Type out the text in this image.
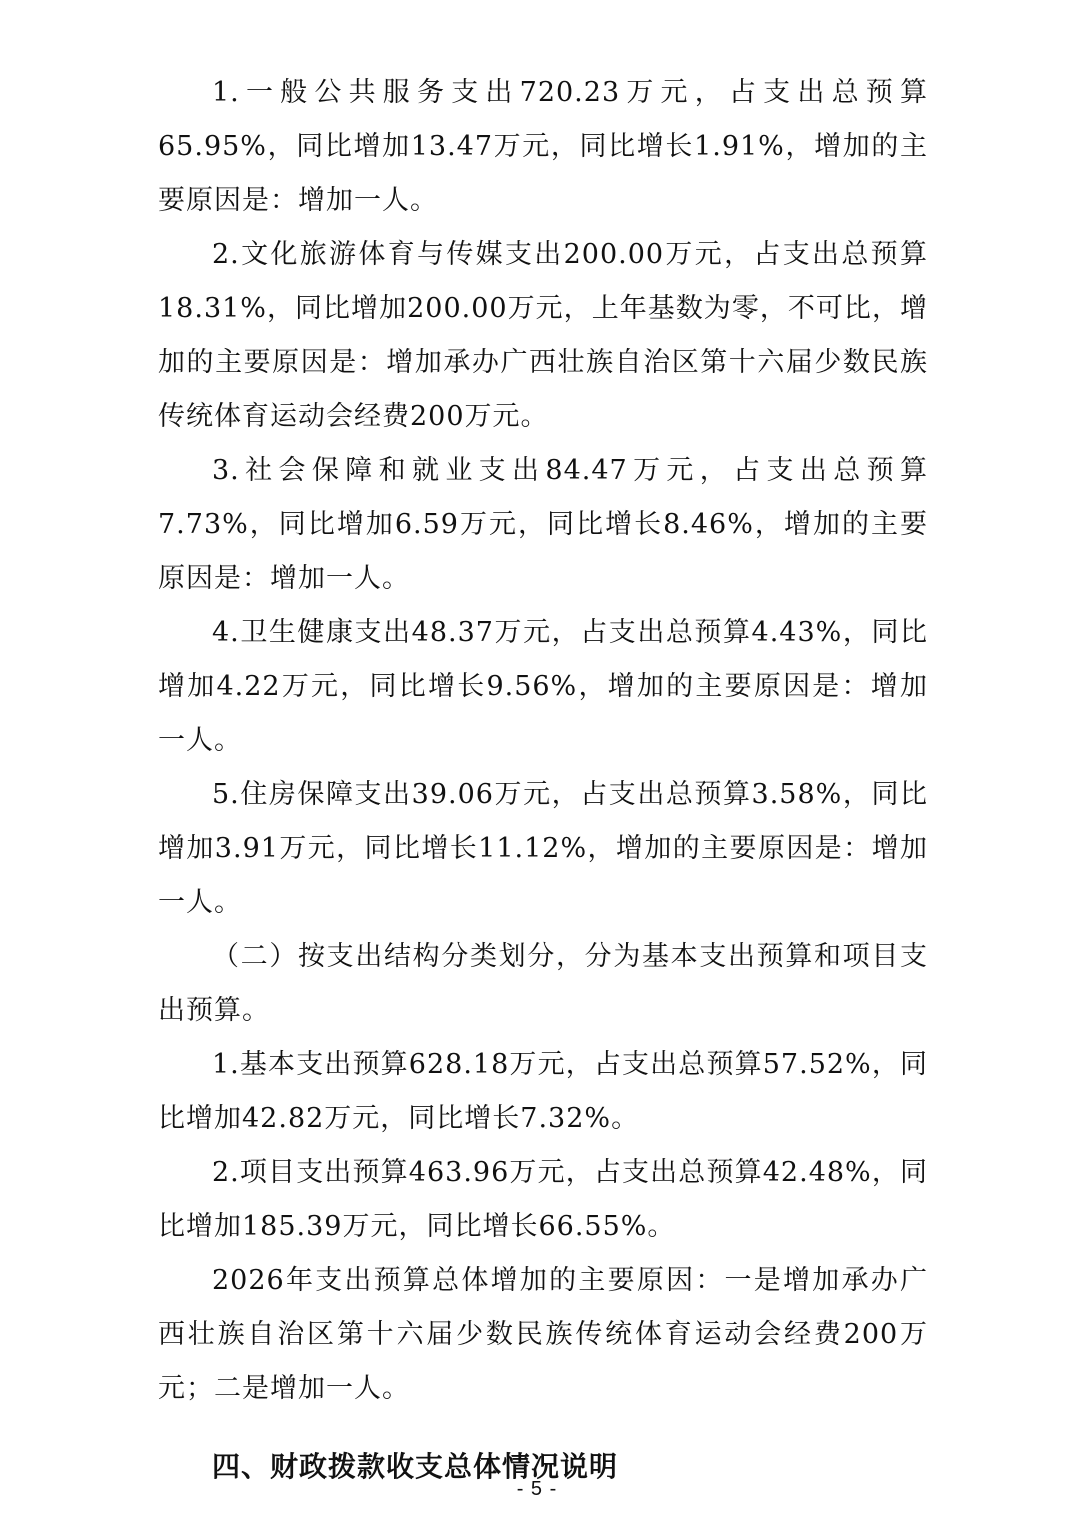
1.一般公共服务支出720.23万元，占支出总预算65.95%，同比增加13.47万元，同比增长1.91%，增加的主要原因是：增加一人。

2.文化旅游体育与传媒支出200.00万元，占支出总预算18.31%，同比增加200.00万元，上年基数为零，不可比，增加的主要原因是：增加承办广西壮族自治区第十六届少数民族传统体育运动会经费200万元。

3.社会保障和就业支出84.47万元，占支出总预算7.73%，同比增加6.59万元，同比增长8.46%，增加的主要原因是：增加一人。

4.卫生健康支出48.37万元，占支出总预算4.43%，同比增加4.22万元，同比增长9.56%，增加的主要原因是：增加一人。

5.住房保障支出39.06万元，占支出总预算3.58%，同比增加3.91万元，同比增长11.12%，增加的主要原因是：增加一人。

（二）按支出结构分类划分，分为基本支出预算和项目支出预算。

1.基本支出预算628.18万元，占支出总预算57.52%，同比增加42.82万元，同比增长7.32%。

2.项目支出预算463.96万元，占支出总预算42.48%，同比增加185.39万元，同比增长66.55%。

2026年支出预算总体增加的主要原因：一是增加承办广西壮族自治区第十六届少数民族传统体育运动会经费200万元；二是增加一人。

四、财政拨款收支总体情况说明
- 5 -
